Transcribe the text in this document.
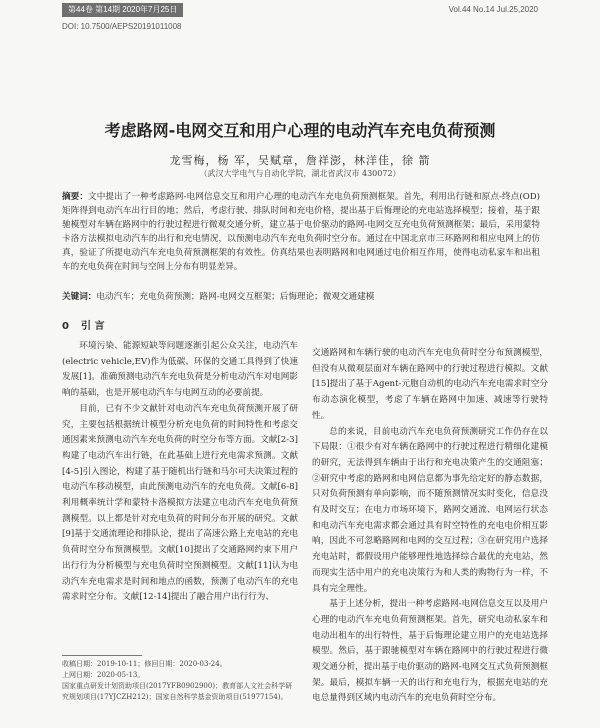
第44卷 第14期 2020年7月25日	Vol.44 No.14 Jul.25,2020
DOI: 10.7500/AEPS20191011008
考虑路网-电网交互和用户心理的电动汽车充电负荷预测
龙雪梅，杨 军，吴赋章，詹祥澎，林洋佳，徐 箭
（武汉大学电气与自动化学院，湖北省武汉市 430072）
摘要：文中提出了一种考虑路网-电网信息交互和用户心理的电动汽车充电负荷预测框架。首先，利用出行链和原点-终点(OD)矩阵得到电动汽车出行目的地；然后，考虑行驶、排队时间和充电价格，提出基于后悔理论的充电站选择模型；接着，基于跟驰模型对车辆在路网中的行驶过程进行微观交通分析，建立基于电价驱动的路网-电网交互充电负荷预测框架；最后，采用蒙特卡洛方法模拟电动汽车的出行和充电情况，以预测电动汽车充电负荷时空分布。通过在中国北京市三环路网和相应电网上的仿真，验证了所提电动汽车充电负荷预测框架的有效性。仿真结果也表明路网和电网通过电价相互作用，使得电动私家车和出租车的充电负荷在时间与空间上分布有明显差异。
关键词：电动汽车；充电负荷预测；路网-电网交互框架；后悔理论；微观交通建模
0 引 言

环境污染、能源短缺等问题逐渐引起公众关注，电动汽车(electric vehicle,EV)作为低碳、环保的交通工具得到了快速发展[1]。准确预测电动汽车充电负荷是分析电动汽车对电网影响的基础，也是开展电动汽车与电网互动的必要前提。

目前，已有不少文献针对电动汽车充电负荷预测开展了研究，主要包括根据统计模型分析充电负荷的时间特性和考虑交通因素来预测电动汽车充电负荷的时空分布等方面。文献[2-3]构建了电动汽车出行链，在此基础上进行充电需求预测。文献[4-5]引入图论，构建了基于随机出行链和马尔可夫决策过程的电动汽车移动模型，由此预测电动汽车的充电负荷。文献[6-8]利用概率统计学和蒙特卡洛模拟方法建立电动汽车充电负荷预测模型。以上都是针对充电负荷的时间分布开展的研究。文献[9]基于交通流理论和排队论，提出了高速公路上充电站的充电负荷时空分布预测模型。文献[10]提出了交通路网约束下用户出行行为分析模型与充电负荷时空预测模型。文献[11]认为电动汽车充电需求是时间和地点的函数，预测了电动汽车的充电需求时空分布。文献[12-14]提出了融合用户出行行为、

交通路网和车辆行驶的电动汽车充电负荷时空分布预测模型，但没有从微观层面对车辆在路网中的行驶过程进行模拟。文献[15]提出了基于Agent-元胞自动机的电动汽车充电需求时空分布动态演化模型，考虑了车辆在路网中加速、减速等行驶特性。

总的来说，目前电动汽车充电负荷预测研究工作仍存在以下局限：①很少有对车辆在路网中的行驶过程进行精细化建模的研究，无法得到车辆由于出行和充电决策产生的交通阻塞；②研究中考虑的路网和电网信息都为事先给定好的静态数据，只对负荷预测有单向影响，而不随预测情况实时变化，信息没有及时交互；在电力市场环境下，路网交通流、电网运行状态和电动汽车充电需求都会通过具有时空特性的充电电价相互影响，因此不可忽略路网和电网的交互过程；③在研究用户选择充电站时，都假设用户能够理性地选择综合最优的充电站，然而现实生活中用户的充电决策行为和人类的购物行为一样，不具有完全理性。

基于上述分析，提出一种考虑路网-电网信息交互以及用户心理的电动汽车充电负荷预测框架。首先，研究电动私家车和电动出租车的出行特性，基于后悔理论建立用户的充电站选择模型。然后，基于跟驰模型对车辆在路网中的行驶过程进行微观交通分析，提出基于电价驱动的路网-电网交互式负荷预测框架。最后，模拟车辆一天的出行和充电行为，根据充电站的充电总量得到区域内电动汽车的充电负荷时空分布。

收稿日期：2019-10-11；修回日期：2020-03-24。
上网日期：2020-05-13。
国家重点研发计划资助项目(2017YFB0902900)；教育部人文社会科学研究规划项目(17YJCZH212)；国家自然科学基金资助项目(51977154)。
